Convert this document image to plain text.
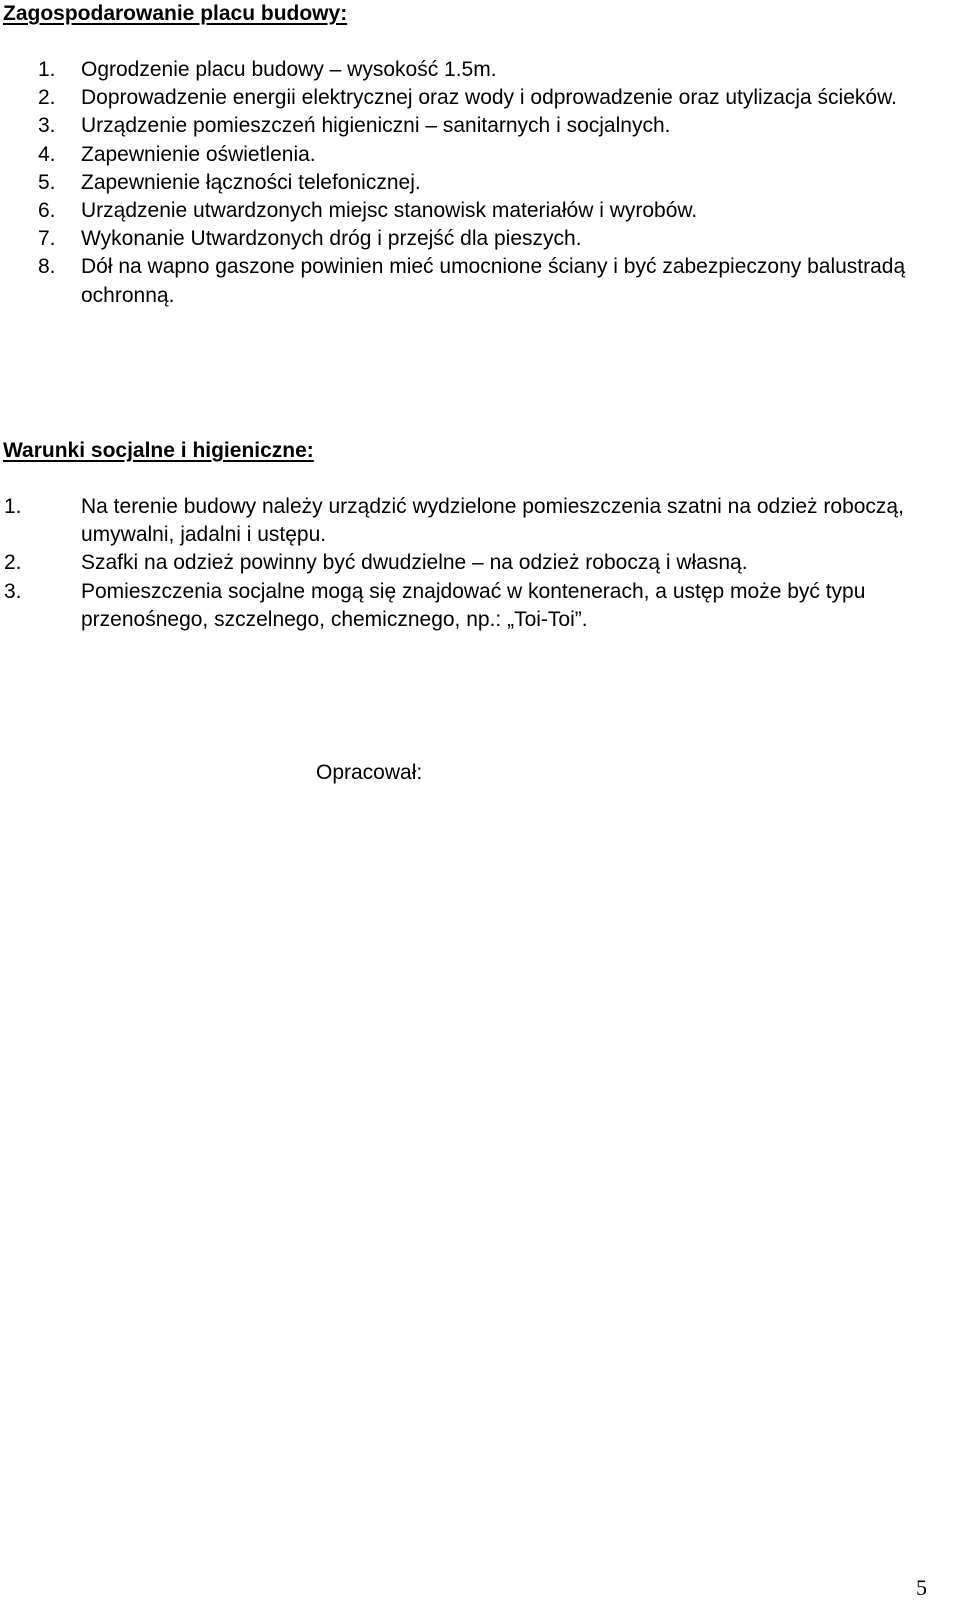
Zagospodarowanie placu budowy:
1.	Ogrodzenie placu budowy – wysokość 1.5m.
2.	Doprowadzenie energii elektrycznej oraz wody i odprowadzenie oraz utylizacja ścieków.
3.	Urządzenie pomieszczeń higieniczni – sanitarnych i socjalnych.
4.	Zapewnienie oświetlenia.
5.	Zapewnienie łączności telefonicznej.
6.	Urządzenie utwardzonych miejsc stanowisk materiałów i wyrobów.
7.	Wykonanie Utwardzonych dróg i przejść dla pieszych.
8.	Dół na wapno gaszone powinien mieć umocnione ściany i być zabezpieczony balustradą ochronną.
Warunki socjalne i higieniczne:
1.	Na terenie budowy należy urządzić wydzielone pomieszczenia szatni na odzież roboczą, umywalni, jadalni i ustępu.
2.	Szafki na odzież powinny być dwudzielne – na odzież roboczą i własną.
3.	Pomieszczenia socjalne mogą się znajdować w kontenerach, a ustęp może być typu przenośnego, szczelnego, chemicznego, np.: „Toi-Toi”.
Opracował:
5
